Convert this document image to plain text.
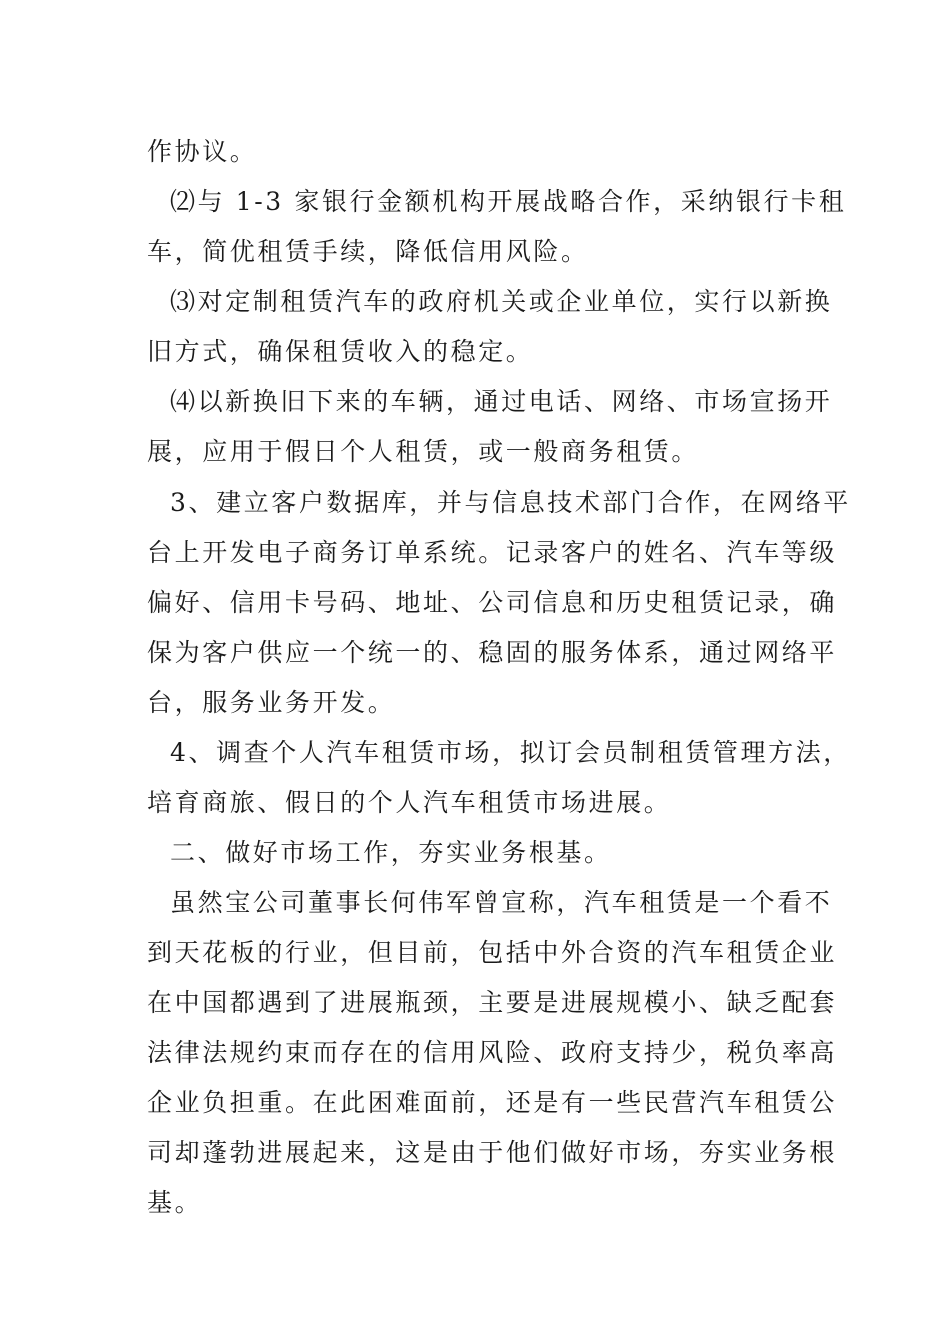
作协议。
⑵与 1-3 家银行金额机构开展战略合作，采纳银行卡租
车，简优租赁手续，降低信用风险。
⑶对定制租赁汽车的政府机关或企业单位，实行以新换
旧方式，确保租赁收入的稳定。
⑷以新换旧下来的车辆，通过电话、网络、市场宣扬开
展，应用于假日个人租赁，或一般商务租赁。
3、建立客户数据库，并与信息技术部门合作，在网络平
台上开发电子商务订单系统。记录客户的姓名、汽车等级
偏好、信用卡号码、地址、公司信息和历史租赁记录，确
保为客户供应一个统一的、稳固的服务体系，通过网络平
台，服务业务开发。
4、调查个人汽车租赁市场，拟订会员制租赁管理方法，
培育商旅、假日的个人汽车租赁市场进展。
二、做好市场工作，夯实业务根基。
虽然宝公司董事长何伟军曾宣称，汽车租赁是一个看不
到天花板的行业，但目前，包括中外合资的汽车租赁企业
在中国都遇到了进展瓶颈，主要是进展规模小、缺乏配套
法律法规约束而存在的信用风险、政府支持少，税负率高
企业负担重。在此困难面前，还是有一些民营汽车租赁公
司却蓬勃进展起来，这是由于他们做好市场，夯实业务根
基。
